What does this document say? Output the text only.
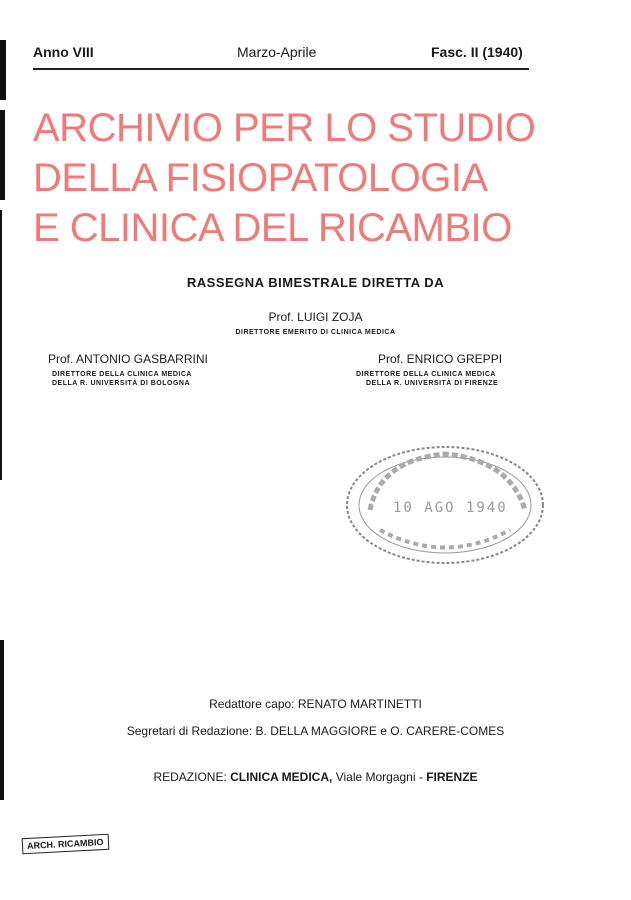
Anno VIII	Marzo-Aprile	Fasc. II (1940)
ARCHIVIO PER LO STUDIO
DELLA FISIOPATOLOGIA
E CLINICA DEL RICAMBIO
RASSEGNA BIMESTRALE DIRETTA DA
Prof. LUIGI ZOJA
DIRETTORE EMERITO DI CLINICA MEDICA
Prof. ANTONIO GASBARRINI
DIRETTORE DELLA CLINICA MEDICA
DELLA R. UNIVERSITÀ DI BOLOGNA
Prof. ENRICO GREPPI
DIRETTORE DELLA CLINICA MEDICA
DELLA R. UNIVERSITÀ DI FIRENZE
10 AGO 1940
Redattore capo: RENATO MARTINETTI
Segretari di Redazione: B. DELLA MAGGIORE e O. CARERE-COMES
REDAZIONE: CLINICA MEDICA, Viale Morgagni - FIRENZE
ARCH. RICAMBIO
